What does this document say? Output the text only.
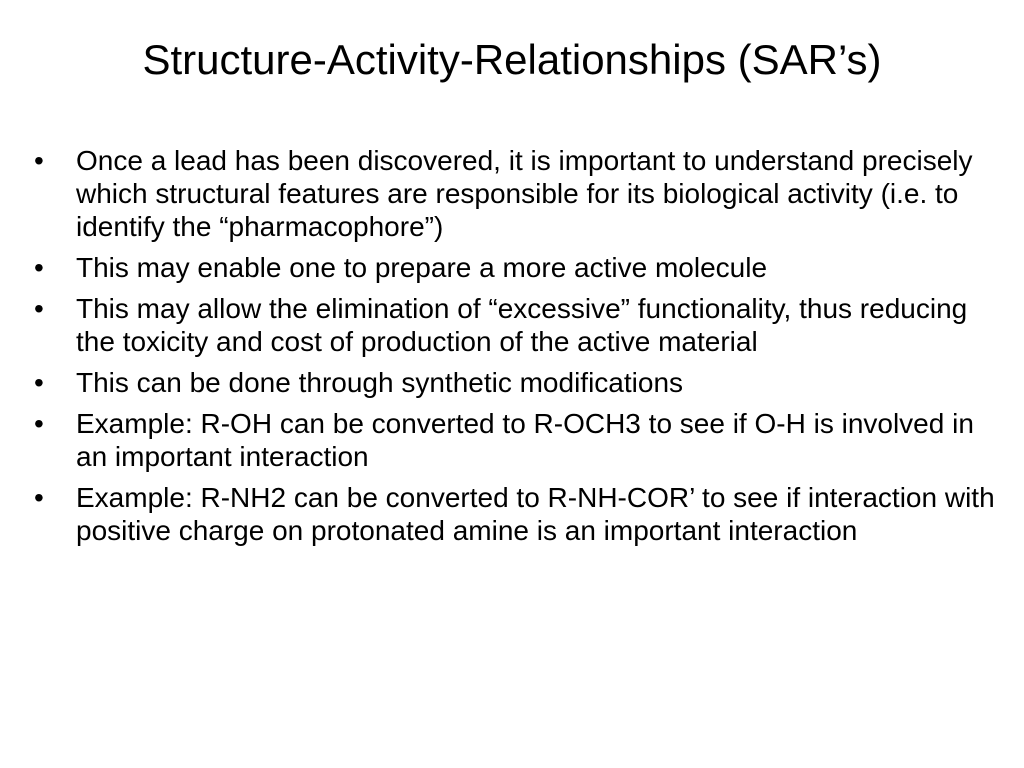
Structure-Activity-Relationships (SAR’s)
•	Once a lead has been discovered, it is important to understand precisely which structural features are responsible for its biological activity (i.e. to identify the “pharmacophore”)
•	This may enable one to prepare a more active molecule
•	This may allow the elimination of “excessive” functionality, thus reducing the toxicity and cost of production of the active material
•	This can be done through synthetic modifications
•	Example: R-OH can be converted to R-OCH3 to see if O-H is involved in an important interaction
•	Example: R-NH2 can be converted to R-NH-COR’ to see if interaction with positive charge on protonated amine is an important interaction
